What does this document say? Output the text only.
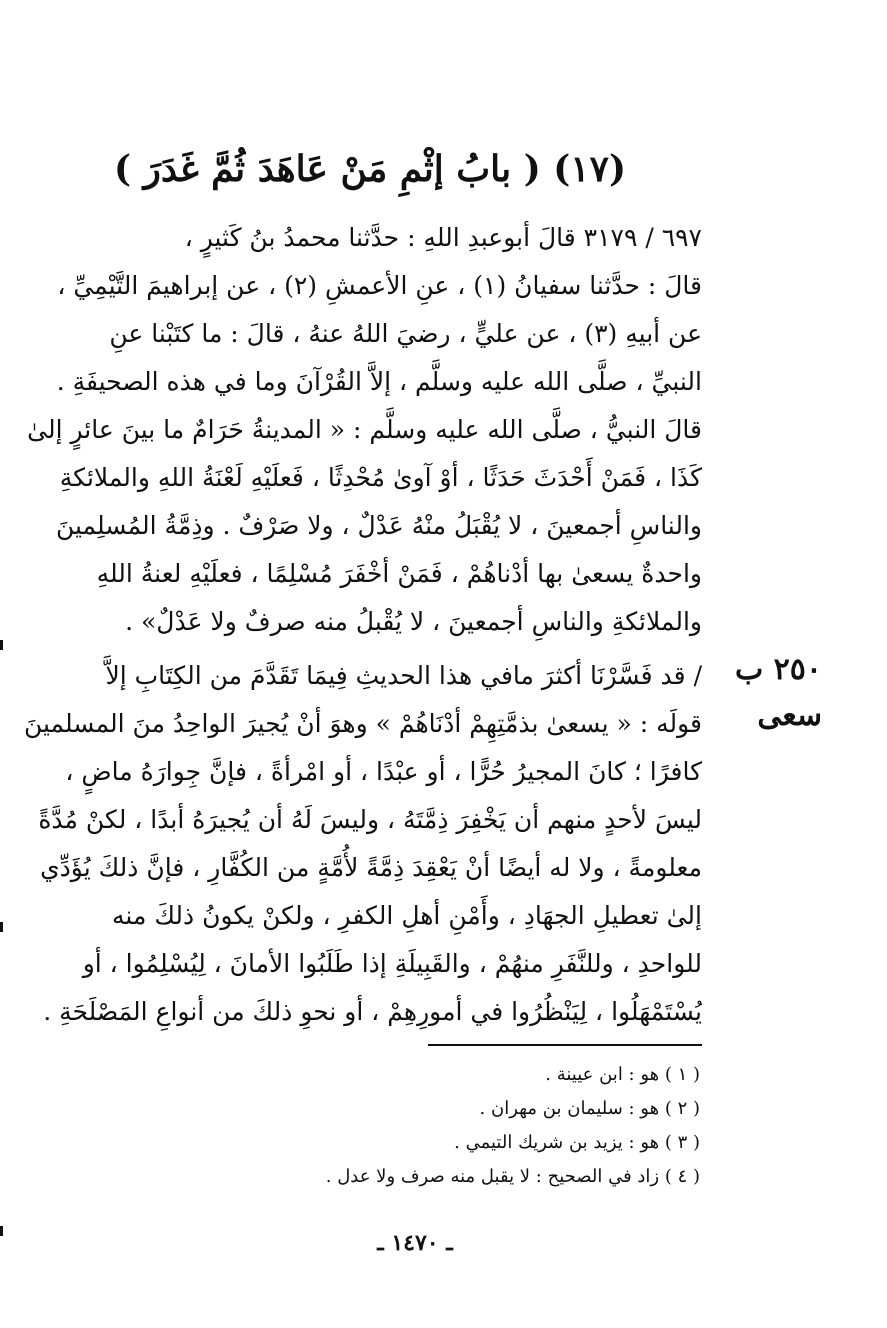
(١٧) ( بابُ إثْمِ مَنْ عَاهَدَ ثُمَّ غَدَرَ )
٦٩٧ / ٣١٧٩ قالَ أبوعبدِ اللهِ : حدَّثنا محمدُ بنُ كَثيرٍ ،
قالَ : حدَّثنا سفيانُ (١) ، عنِ الأعمشِ (٢) ، عن إبراهيمَ التَّيْمِيِّ ،
عن أبيهِ (٣) ، عن عليٍّ ، رضيَ اللهُ عنهُ ، قالَ : ما كتَبْنا عنِ
النبيِّ ، صلَّى الله عليه وسلَّم ، إلاَّ القُرْآنَ وما في هذه الصحيفَةِ .
قالَ النبيُّ ، صلَّى الله عليه وسلَّم : « المدينةُ حَرَامٌ ما بينَ عائرٍ إلىٰ
كَذَا ، فَمَنْ أَحْدَثَ حَدَثًا ، أوْ آوىٰ مُحْدِثًا ، فَعلَيْهِ لَعْنَةُ اللهِ والملائكةِ
والناسِ أجمعينَ ، لا يُقْبَلُ منْهُ عَدْلٌ ، ولا صَرْفٌ . وذِمَّةُ المُسلِمينَ
واحدةٌ يسعىٰ بها أدْناهُمْ ، فَمَنْ أخْفَرَ مُسْلِمًا ، فعلَيْهِ لعنةُ اللهِ
والملائكةِ والناسِ أجمعينَ ، لا يُقْبلُ منه صرفٌ ولا عَدْلٌ» .
٢٥٠ ب
سعى
/ قد فَسَّرْنَا أكثرَ مافي هذا الحديثِ فِيمَا تَقَدَّمَ من الكِتَابِ إلاَّ
قولَه : « يسعىٰ بذمَّتِهِمْ أدْنَاهُمْ » وهوَ أنْ يُجيرَ الواحِدُ منَ المسلمينَ
كافرًا ؛ كانَ المجيرُ حُرًّا ، أو عبْدًا ، أو امْرأةً ، فإنَّ جِوارَهُ ماضٍ ،
ليسَ لأحدٍ منهم أن يَخْفِرَ ذِمَّتَهُ ، وليسَ لَهُ أن يُجيرَهُ أبدًا ، لكنْ مُدَّةً
معلومةً ، ولا له أيضًا أنْ يَعْقِدَ ذِمَّةً لأُمَّةٍ من الكُفَّارِ ، فإنَّ ذلكَ يُؤَدِّي
إلىٰ تعطيلِ الجهَادِ ، وأَمْنِ أهلِ الكفرِ ، ولكنْ يكونُ ذلكَ منه
للواحدِ ، وللنَّفَرِ منهُمْ ، والقَبِيلَةِ إذا طَلَبُوا الأمانَ ، لِيُسْلِمُوا ، أو
يُسْتَمْهَلُوا ، لِيَنْظُرُوا في أمورِهِمْ ، أو نحوِ ذلكَ من أنواعِ المَصْلَحَةِ .
( ١ ) هو : ابن عيينة .
( ٢ ) هو : سليمان بن مهران .
( ٣ ) هو : يزيد بن شريك التيمي .
( ٤ ) زاد في الصحيح : لا يقبل منه صرف ولا عدل .
ـ ١٤٧٠ ـ
